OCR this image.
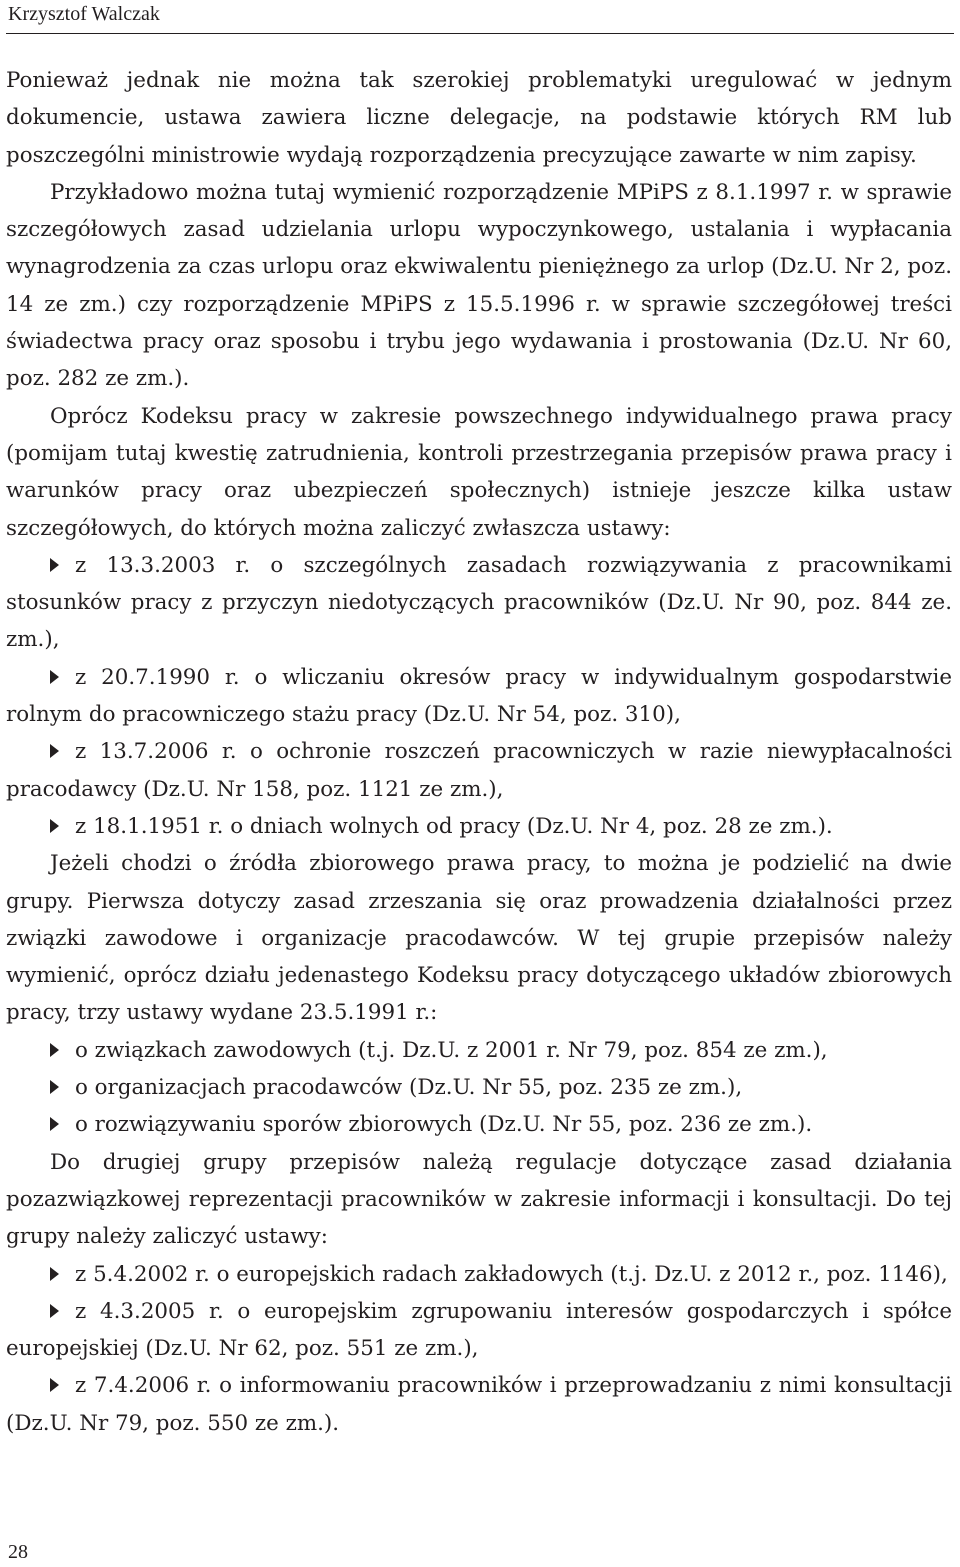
Krzysztof Walczak

Ponieważ jednak nie można tak szerokiej problematyki uregulować w jednym dokumencie, ustawa zawiera liczne delegacje, na podstawie których RM lub poszczególni ministrowie wydają rozporządzenia precyzujące zawarte w nim zapisy.

Przykładowo można tutaj wymienić rozporządzenie MPiPS z 8.1.1997 r. w sprawie szczegółowych zasad udzielania urlopu wypoczynkowego, ustalania i wypłacania wynagrodzenia za czas urlopu oraz ekwiwalentu pieniężnego za urlop (Dz.U. Nr 2, poz. 14 ze zm.) czy rozporządzenie MPiPS z 15.5.1996 r. w sprawie szczegółowej treści świadectwa pracy oraz sposobu i trybu jego wydawania i prostowania (Dz.U. Nr 60, poz. 282 ze zm.).

Oprócz Kodeksu pracy w zakresie powszechnego indywidualnego prawa pracy (pomijam tutaj kwestię zatrudnienia, kontroli przestrzegania przepisów prawa pracy i warunków pracy oraz ubezpieczeń społecznych) istnieje jeszcze kilka ustaw szczegółowych, do których można zaliczyć zwłaszcza ustawy:

z 13.3.2003 r. o szczególnych zasadach rozwiązywania z pracownikami stosunków pracy z przyczyn niedotyczących pracowników (Dz.U. Nr 90, poz. 844 ze. zm.),

z 20.7.1990 r. o wliczaniu okresów pracy w indywidualnym gospodarstwie rolnym do pracowniczego stażu pracy (Dz.U. Nr 54, poz. 310),

z 13.7.2006 r. o ochronie roszczeń pracowniczych w razie niewypłacalności pracodawcy (Dz.U. Nr 158, poz. 1121 ze zm.),

z 18.1.1951 r. o dniach wolnych od pracy (Dz.U. Nr 4, poz. 28 ze zm.).

Jeżeli chodzi o źródła zbiorowego prawa pracy, to można je podzielić na dwie grupy. Pierwsza dotyczy zasad zrzeszania się oraz prowadzenia działalności przez związki zawodowe i organizacje pracodawców. W tej grupie przepisów należy wymienić, oprócz działu jedenastego Kodeksu pracy dotyczącego układów zbiorowych pracy, trzy ustawy wydane 23.5.1991 r.:

o związkach zawodowych (t.j. Dz.U. z 2001 r. Nr 79, poz. 854 ze zm.),

o organizacjach pracodawców (Dz.U. Nr 55, poz. 235 ze zm.),

o rozwiązywaniu sporów zbiorowych (Dz.U. Nr 55, poz. 236 ze zm.).

Do drugiej grupy przepisów należą regulacje dotyczące zasad działania pozazwiązkowej reprezentacji pracowników w zakresie informacji i konsultacji. Do tej grupy należy zaliczyć ustawy:

z 5.4.2002 r. o europejskich radach zakładowych (t.j. Dz.U. z 2012 r., poz. 1146),

z 4.3.2005 r. o europejskim zgrupowaniu interesów gospodarczych i spółce europejskiej (Dz.U. Nr 62, poz. 551 ze zm.),

z 7.4.2006 r. o informowaniu pracowników i przeprowadzaniu z nimi konsultacji (Dz.U. Nr 79, poz. 550 ze zm.).

28
